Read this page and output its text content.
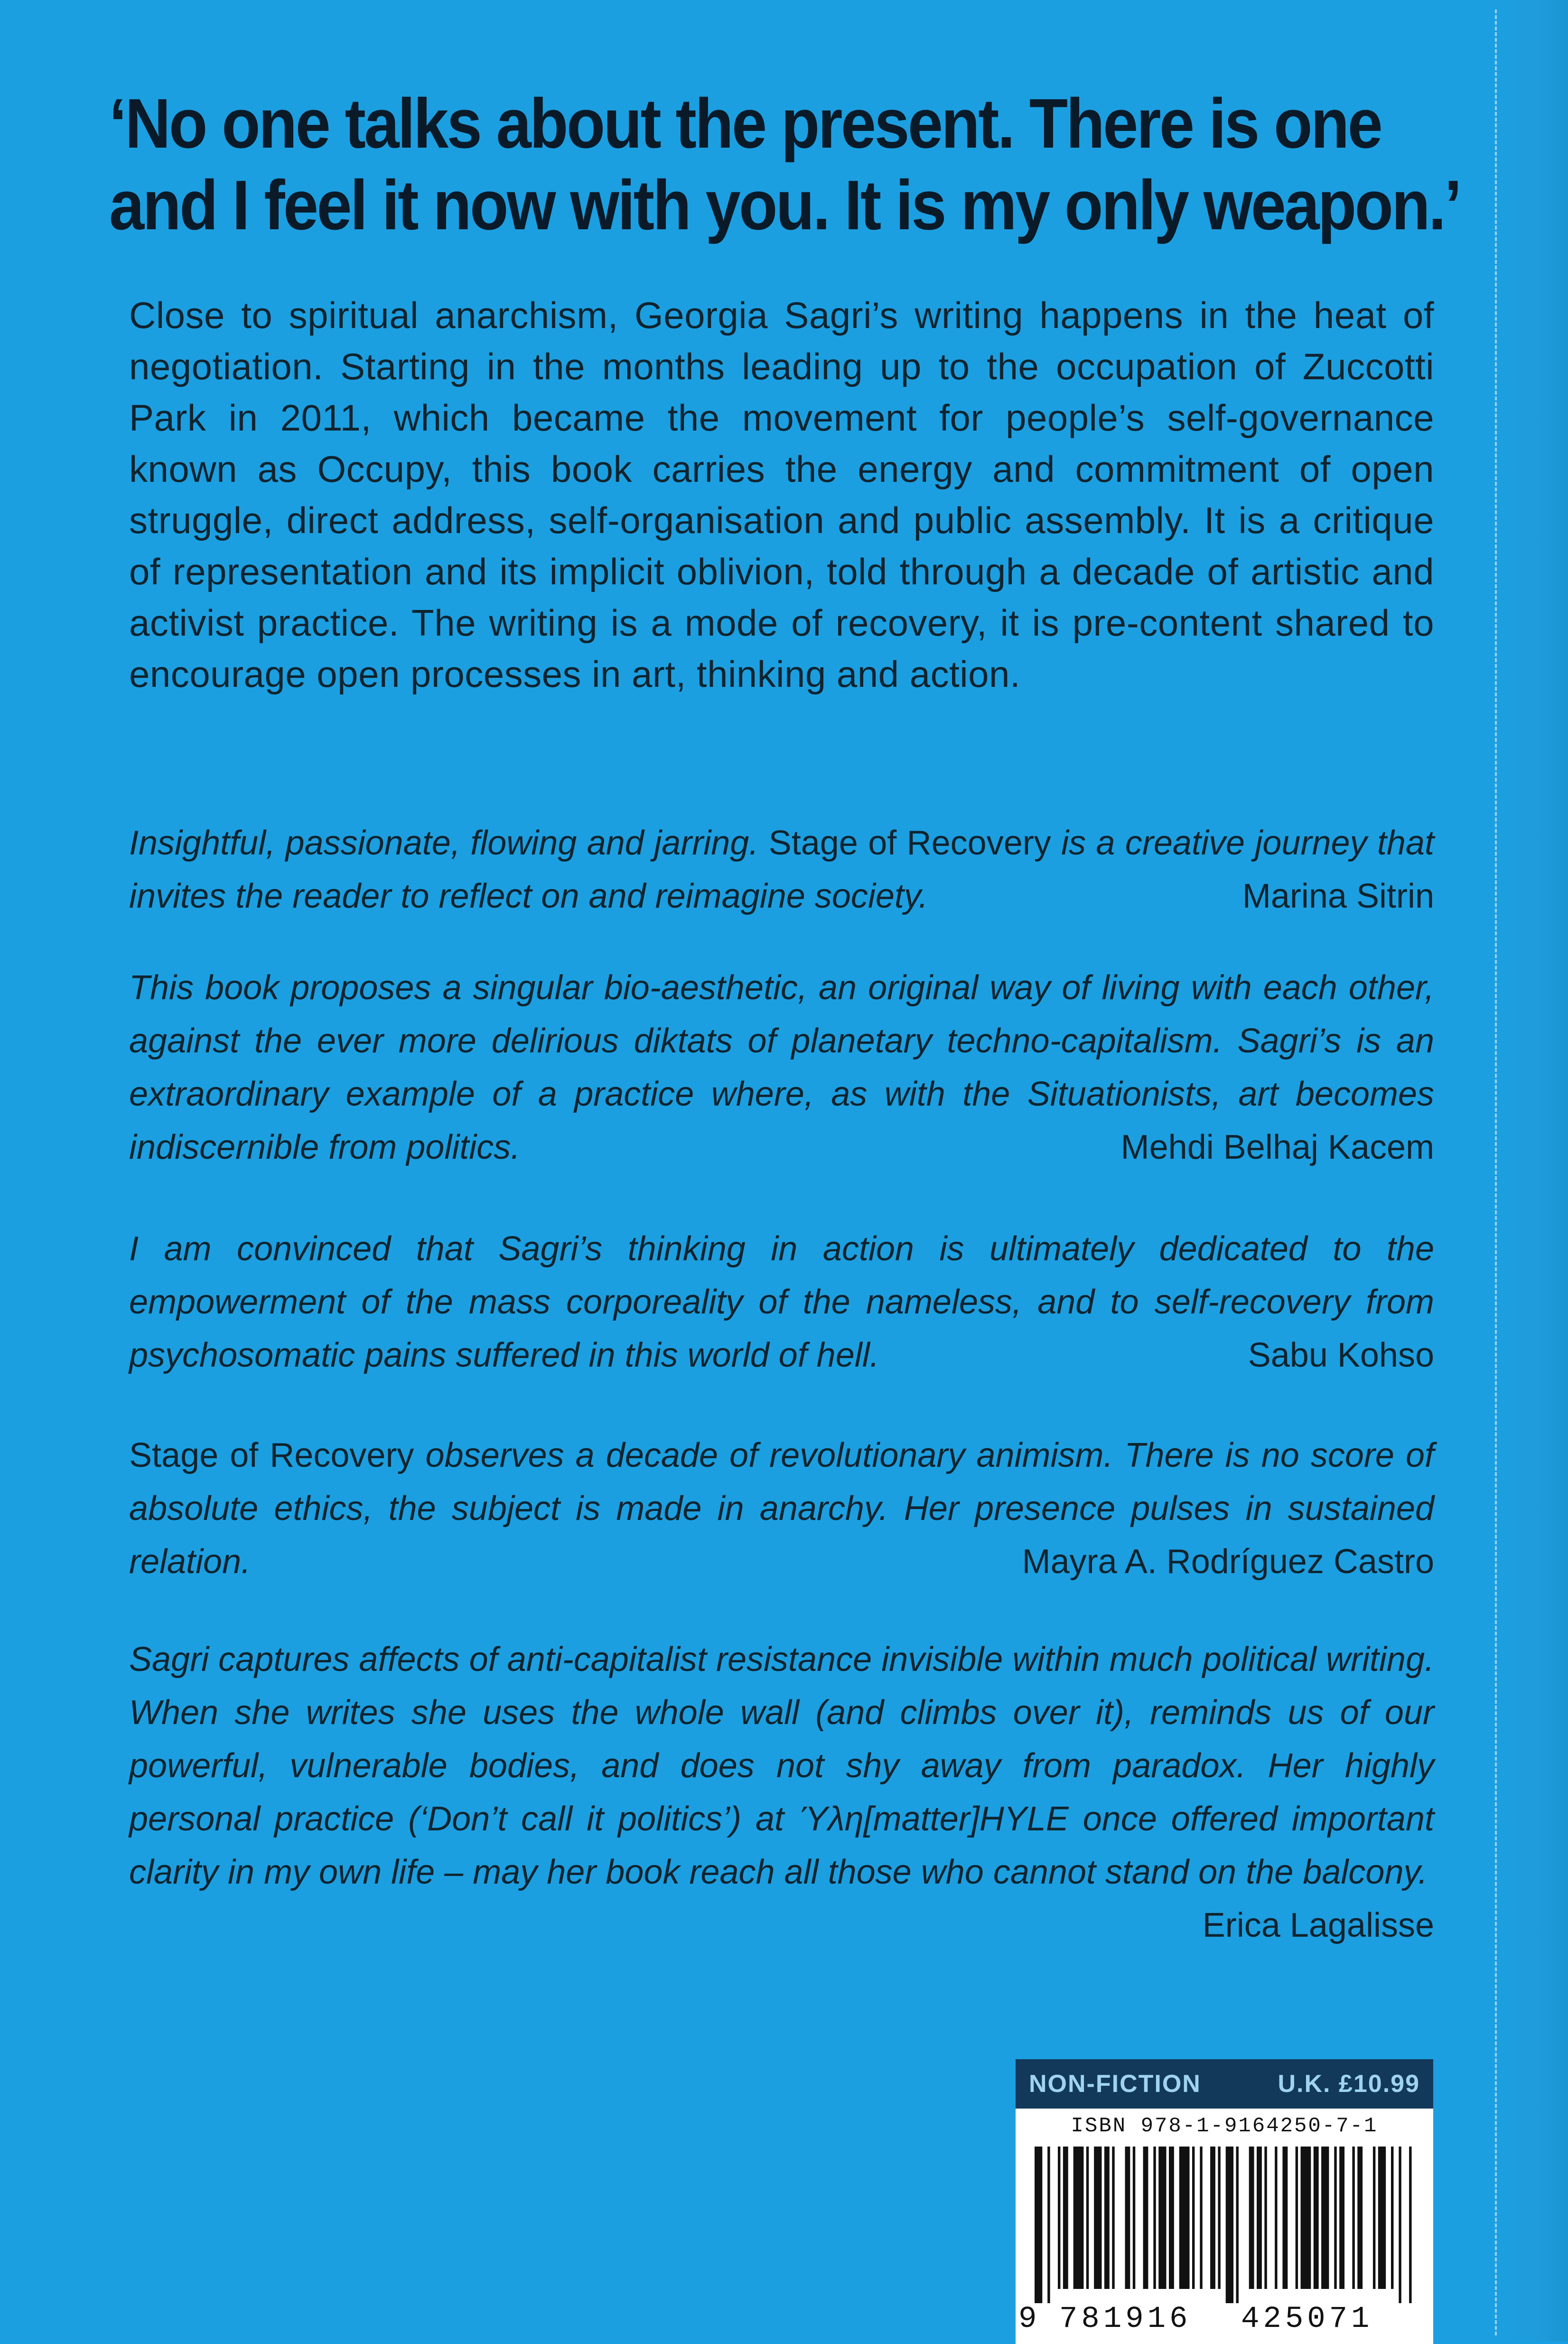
‘No one talks about the present. There is one
and I feel it now with you. It is my only weapon.’

Close to spiritual anarchism, Georgia Sagri’s writing happens in the heat of negotiation. Starting in the months leading up to the occupation of Zuccotti Park in 2011, which became the movement for people’s self-governance known as Occupy, this book carries the energy and commitment of open struggle, direct address, self-organisation and public assembly. It is a critique of representation and its implicit oblivion, told through a decade of artistic and activist practice. The writing is a mode of recovery, it is pre-content shared to encourage open processes in art, thinking and action.

Insightful, passionate, flowing and jarring. Stage of Recovery is a creative journey that invites the reader to reflect on and reimagine society.	Marina Sitrin

This book proposes a singular bio-aesthetic, an original way of living with each other, against the ever more delirious diktats of planetary techno-capitalism. Sagri’s is an extraordinary example of a practice where, as with the Situationists, art becomes indiscernible from politics.	Mehdi Belhaj Kacem

I am convinced that Sagri’s thinking in action is ultimately dedicated to the empowerment of the mass corporeality of the nameless, and to self-recovery from psychosomatic pains suffered in this world of hell.	Sabu Kohso

Stage of Recovery observes a decade of revolutionary animism. There is no score of absolute ethics, the subject is made in anarchy. Her presence pulses in sustained relation.	Mayra A. Rodríguez Castro

Sagri captures affects of anti-capitalist resistance invisible within much political writing. When she writes she uses the whole wall (and climbs over it), reminds us of our powerful, vulnerable bodies, and does not shy away from paradox. Her highly personal practice (‘Don’t call it politics’) at Ύλη[matter]HYLE once offered important clarity in my own life – may her book reach all those who cannot stand on the balcony.
Erica Lagalisse

NON-FICTION	U.K. £10.99
ISBN 978-1-9164250-7-1
9 781916 425071
